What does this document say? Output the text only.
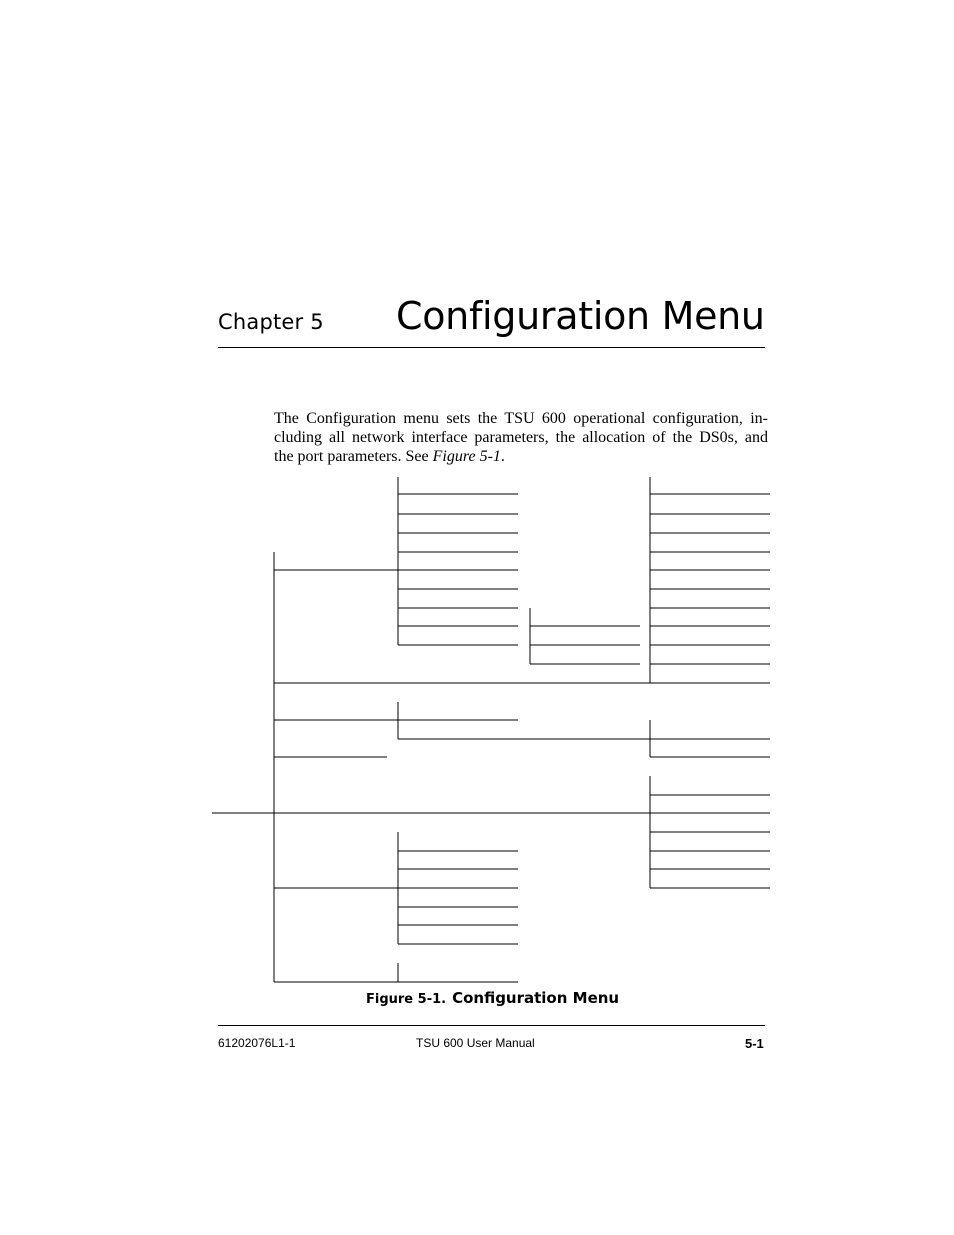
Chapter 5 Configuration Menu
The Configuration menu sets the TSU 600 operational configuration, in-
cluding all network interface parameters, the allocation of the DS0s, and
the port parameters. See Figure 5-1.
Figure 5-1. Configuration Menu
61202076L1-1	TSU 600 User Manual	5-1
